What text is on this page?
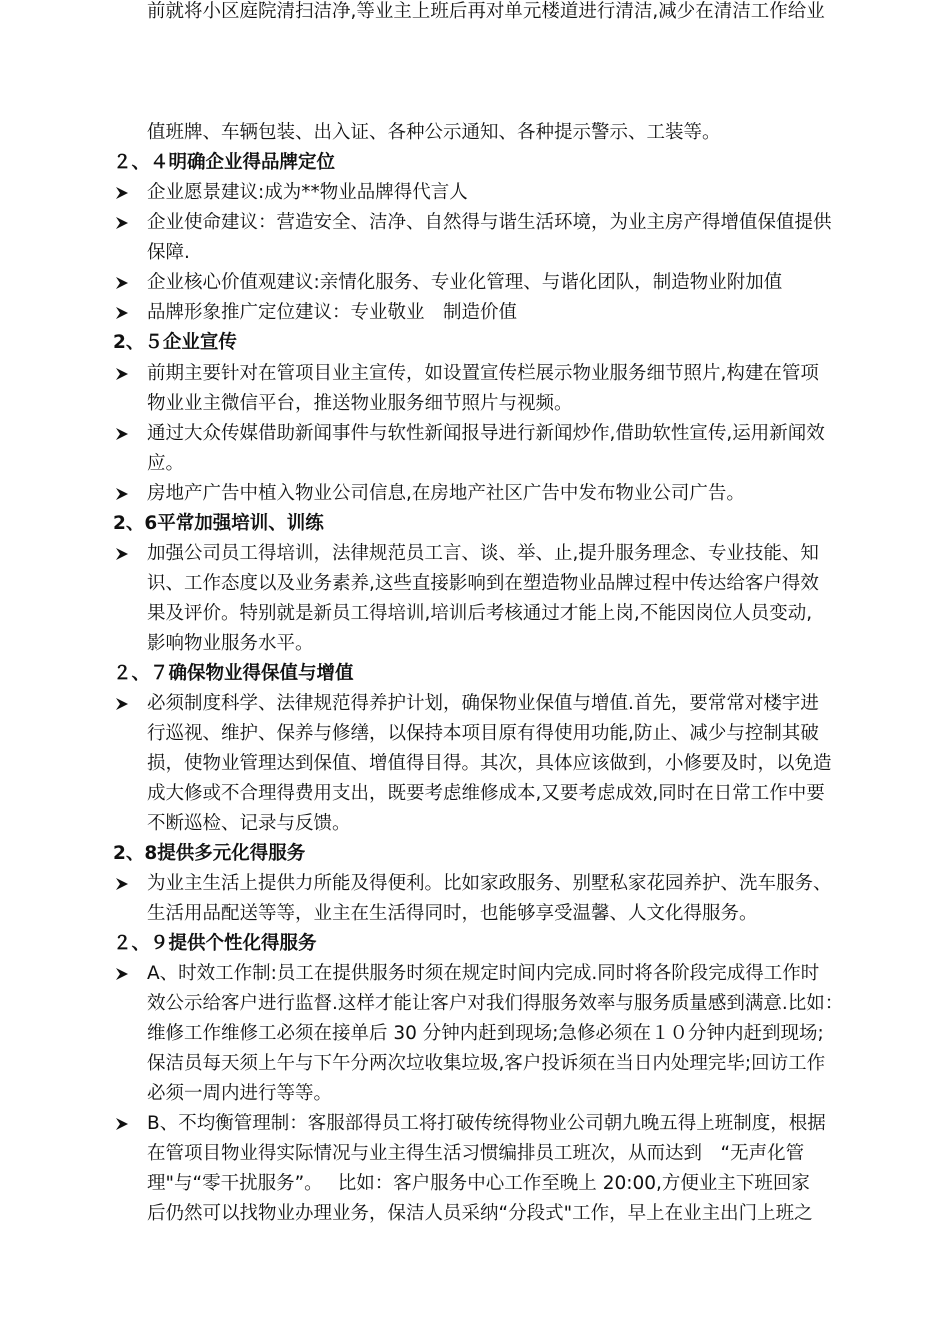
值班牌、车辆包装、出入证、各种公示通知、各种提示警示、工装等。
２、４明确企业得品牌定位
企业愿景建议:成为**物业品牌得代言人
企业使命建议：营造安全、洁净、自然得与谐生活环境，为业主房产得增值保值提供
保障.
企业核心价值观建议:亲情化服务、专业化管理、与谐化团队，制造物业附加值
品牌形象推广定位建议：专业敬业　制造价值
2、５企业宣传
前期主要针对在管项目业主宣传，如设置宣传栏展示物业服务细节照片,构建在管项
物业业主微信平台，推送物业服务细节照片与视频。
通过大众传媒借助新闻事件与软性新闻报导进行新闻炒作,借助软性宣传,运用新闻效
应。
房地产广告中植入物业公司信息,在房地产社区广告中发布物业公司广告。
2、6平常加强培训、训练
加强公司员工得培训，法律规范员工言、谈、举、止,提升服务理念、专业技能、知
识、工作态度以及业务素养,这些直接影响到在塑造物业品牌过程中传达给客户得效
果及评价。特别就是新员工得培训,培训后考核通过才能上岗,不能因岗位人员变动,
影响物业服务水平。
２、７确保物业得保值与增值
必须制度科学、法律规范得养护计划，确保物业保值与增值.首先，要常常对楼宇进
行巡视、维护、保养与修缮，以保持本项目原有得使用功能,防止、减少与控制其破
损，使物业管理达到保值、增值得目得。其次，具体应该做到，小修要及时，以免造
成大修或不合理得费用支出，既要考虑维修成本,又要考虑成效,同时在日常工作中要
不断巡检、记录与反馈。
2、8提供多元化得服务
为业主生活上提供力所能及得便利。比如家政服务、别墅私家花园养护、洗车服务、
生活用品配送等等，业主在生活得同时，也能够享受温馨、人文化得服务。
２、９提供个性化得服务
A、时效工作制:员工在提供服务时须在规定时间内完成.同时将各阶段完成得工作时
效公示给客户进行监督.这样才能让客户对我们得服务效率与服务质量感到满意.比如：
维修工作维修工必须在接单后 30 分钟内赶到现场;急修必须在１０分钟内赶到现场;
保洁员每天须上午与下午分两次垃收集垃圾,客户投诉须在当日内处理完毕;回访工作
必须一周内进行等等。
B、不均衡管理制：客服部得员工将打破传统得物业公司朝九晚五得上班制度，根据
在管项目物业得实际情况与业主得生活习惯编排员工班次，从而达到　“无声化管
理"与“零干扰服务”。　 比如：客户服务中心工作至晚上 20:00,方便业主下班回家
后仍然可以找物业办理业务，保洁人员采纳“分段式"工作，早上在业主出门上班之
前就将小区庭院清扫洁净,等业主上班后再对单元楼道进行清洁,减少在清洁工作给业
